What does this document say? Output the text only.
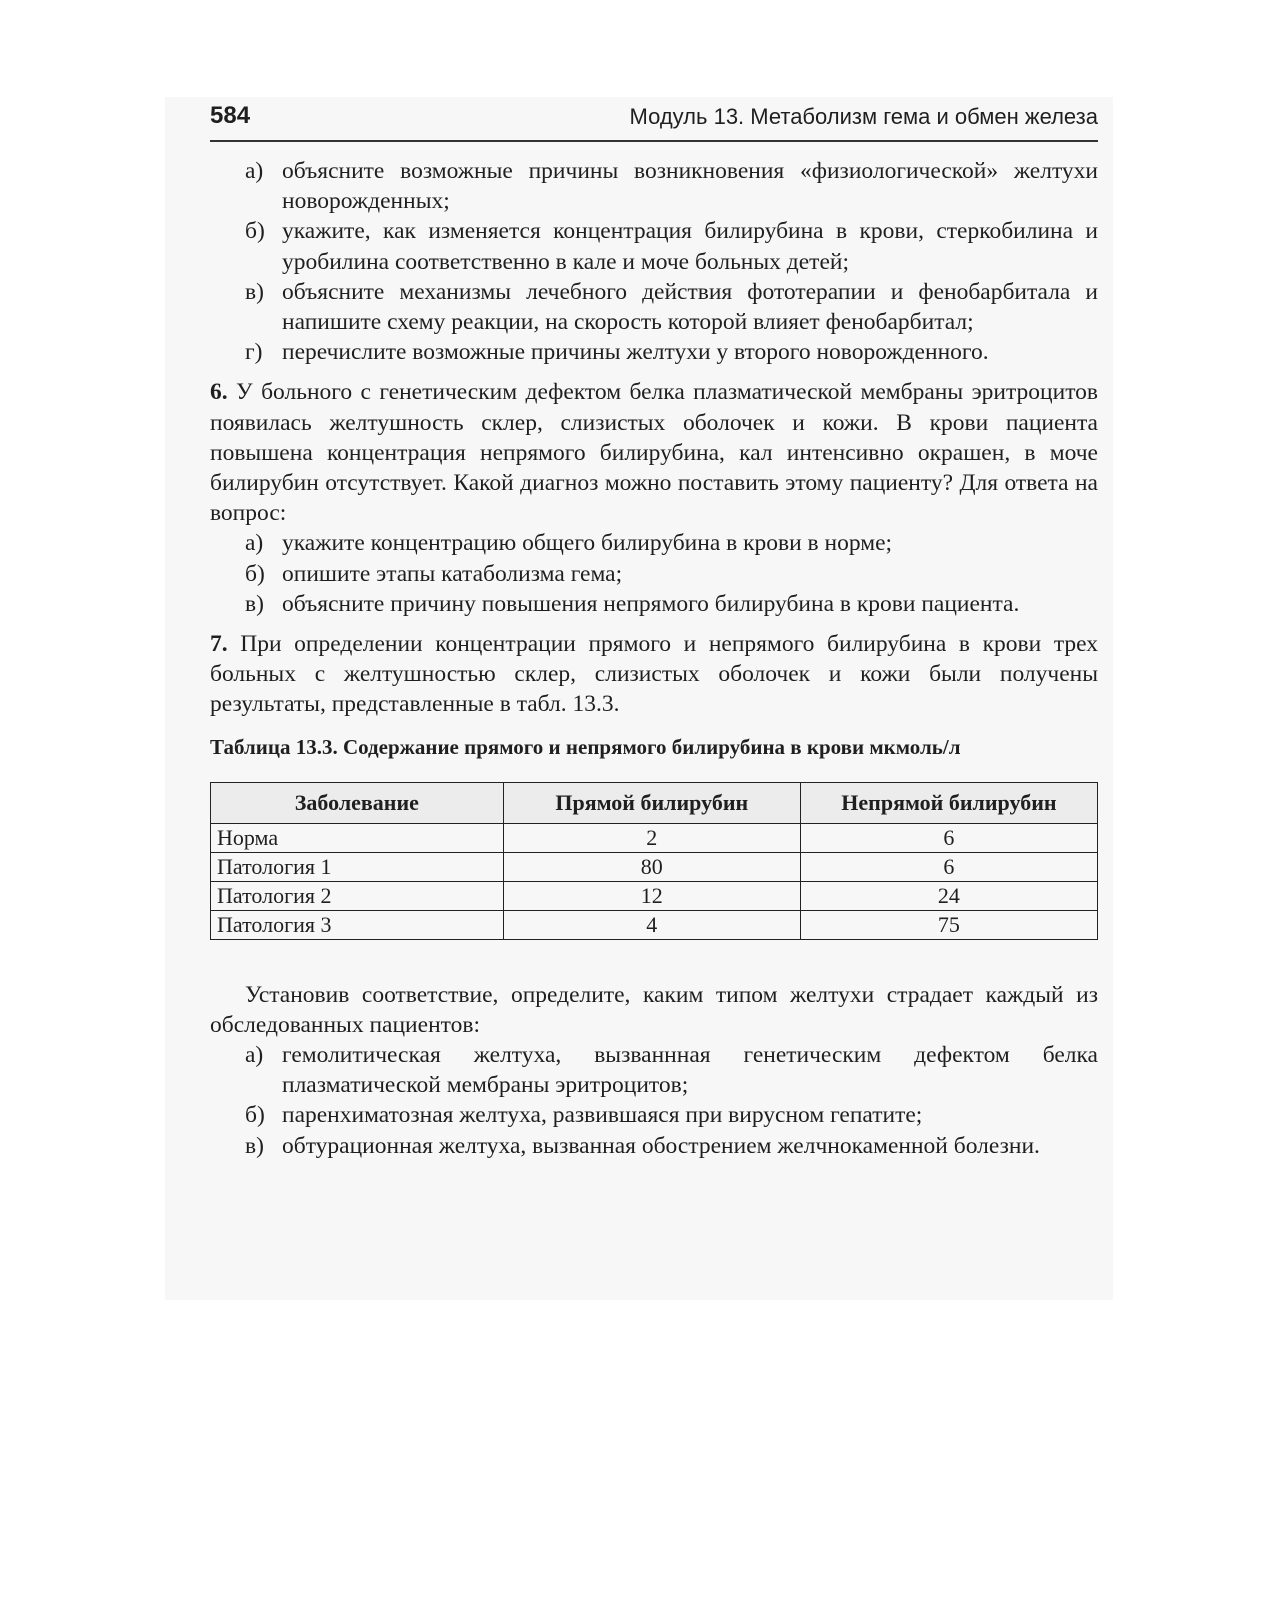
584	Модуль 13. Метаболизм гема и обмен железа
а) объясните возможные причины возникновения «физиологической» желтухи новорожденных;
б) укажите, как изменяется концентрация билирубина в крови, стеркобилина и уробилина соответственно в кале и моче больных детей;
в) объясните механизмы лечебного действия фототерапии и фенобарбитала и напишите схему реакции, на скорость которой влияет фенобарбитал;
г) перечислите возможные причины желтухи у второго новорожденного.

6. У больного с генетическим дефектом белка плазматической мембраны эритроцитов появилась желтушность склер, слизистых оболочек и кожи. В крови пациента повышена концентрация непрямого билирубина, кал интенсивно окрашен, в моче билирубин отсутствует. Какой диагноз можно поставить этому пациенту? Для ответа на вопрос:

а) укажите концентрацию общего билирубина в крови в норме;
б) опишите этапы катаболизма гема;
в) объясните причину повышения непрямого билирубина в крови пациента.

7. При определении концентрации прямого и непрямого билирубина в крови трех больных с желтушностью склер, слизистых оболочек и кожи были получены результаты, представленные в табл. 13.3.

Таблица 13.3. Содержание прямого и непрямого билирубина в крови мкмоль/л
Заболевание	Прямой билирубин	Непрямой билирубин
Норма	2	6
Патология 1	80	6
Патология 2	12	24
Патология 3	4	75

Установив соответствие, определите, каким типом желтухи страдает каждый из обследованных пациентов:

а) гемолитическая желтуха, вызваннная генетическим дефектом белка плазматической мембраны эритроцитов;
б) паренхиматозная желтуха, развившаяся при вирусном гепатите;
в) обтурационная желтуха, вызванная обострением желчнокаменной болезни.
